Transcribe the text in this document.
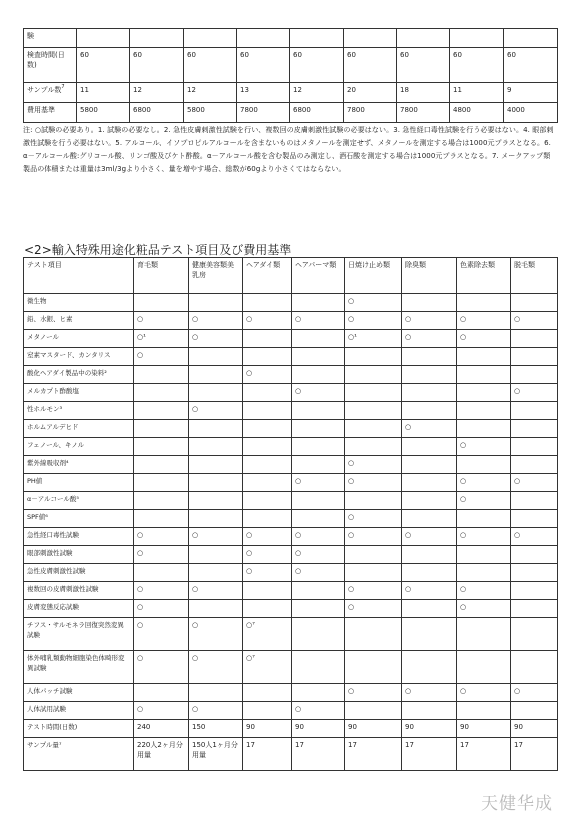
験									
検査時間(日数)	60	60	60	60	60	60	60	60	60
サンプル数$^7$	11	12	12	13	12	20	18	11	9
費用基準	5800	6800	5800	7800	6800	7800	7800	4800	4000
注: ○試験の必要あり。1. 試験の必要なし。2. 急性皮膚刺激性試験を行い、複数回の皮膚刺激性試験の必要はない。3. 急性経口毒性試験を行う必要はない。4. 眼部刺激性試験を行う必要はない。5. アルコール、イソプロピルアルコールを含まないものはメタノールを測定せず、メタノールを測定する場合は1000元プラスとなる。6. α－アルコール酸:グリコール酸、リンゴ酸及びケト酢酸。α－アルコール酸を含む製品のみ測定し、酒石酸を測定する場合は1000元プラスとなる。7. メークアップ類製品の体積または重量は3ml/3gより小さく、量を増やす場合、総数が60gより小さくてはならない。
<2>輸入特殊用途化粧品テスト項目及び費用基準
テスト項目	育毛類	健康美容類美乳房	ヘアダイ類	ヘアパーマ類	日焼け止め類	除臭類	色素除去類	脱毛類
微生物					○			
鉛、水銀、ヒ素	○	○	○	○	○	○	○	○
メタノール	○¹	○			○¹	○	○	
窒素マスタード、カンタリス	○							
酸化ヘアダイ製品中の染料²			○					
メルカプト酢酸塩				○				○
性ホルモン³		○						
ホルムアルデヒド						○		
フェノール、キノル							○	
紫外線吸収剤⁴					○			
PH値				○	○		○	○
α－アルコール酸⁵							○	
SPF値⁶					○			
急性経口毒性試験	○	○	○	○	○	○	○	○
眼部刺激性試験	○		○	○				
急性皮膚刺激性試験			○	○				
複数回の皮膚刺激性試験	○	○			○	○	○	
皮膚変態反応試験	○				○		○	
チフス・サルモネラ回復突然変異試験	○	○	○⁷					
体外哺乳類動物細胞染色体畸形変異試験	○	○	○⁷					
人体パッチ試験					○	○	○	○
人体試用試験	○	○		○				
テスト時間(日数)	240	150	90	90	90	90	90	90
サンプル量⁷	220人2ヶ月分用量	150人1ヶ月分用量	17	17	17	17	17	17
天健华成
